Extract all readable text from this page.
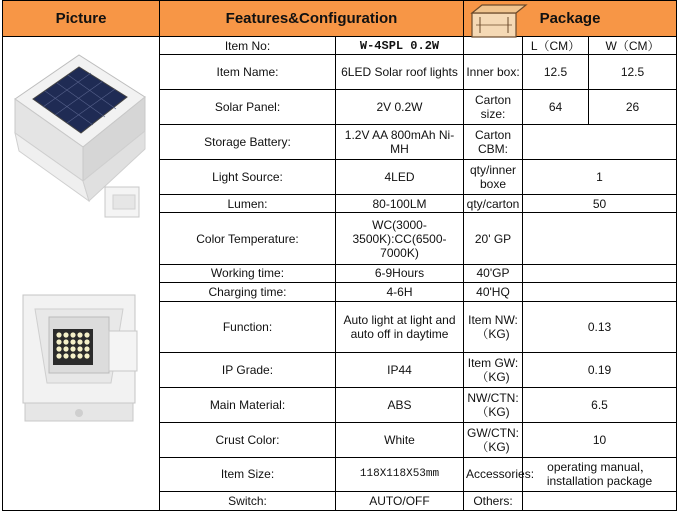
Picture	Features&Configuration		Package		

	Item No:	W-4SPL 0.2W		L（CM）	W（CM）
	Item Name:	6LED Solar roof lights	Inner box:	12.5	12.5
	Solar Panel:	2V 0.2W	Carton size:	64	26
	Storage Battery:	1.2V AA 800mAh Ni-MH	Carton CBM:		
	Light Source:	4LED	qty/inner boxe	1	
	Lumen:	80-100LM	qty/carton	50	
	Color Temperature:	WC(3000-3500K):CC(6500-7000K)	20' GP		
	Working time:	6-9Hours	40'GP		
	Charging time:	4-6H	40'HQ		
	Function:	Auto light at light and auto off in daytime	Item NW:（KG)	0.13	
	IP Grade:	IP44	Item GW:（KG)	0.19	
	Main Material:	ABS	NW/CTN:（KG)	6.5	
	Crust Color:	White	GW/CTN:（KG)	10	
	Item Size:	118X118X53mm	Accessories:	operating manual，installation package	
	Switch:	AUTO/OFF	Others:		
